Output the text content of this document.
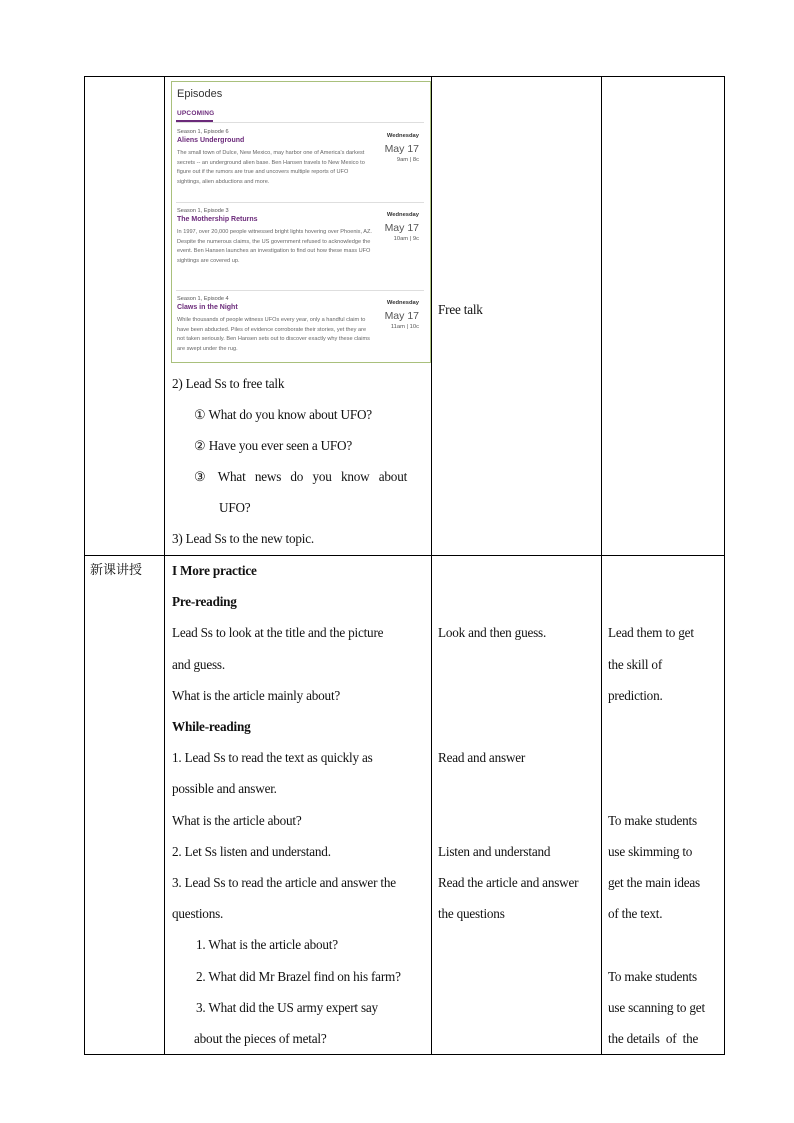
Episodes
UPCOMING
Season 1, Episode 6
Aliens Underground
The small town of Dulce, New Mexico, may harbor one of America's darkest secrets -- an underground alien base. Ben Hansen travels to New Mexico to figure out if the rumors are true and uncovers multiple reports of UFO sightings, alien abductions and more.
Wednesday
May 17
9am | 8c
Season 1, Episode 3
The Mothership Returns
In 1997, over 20,000 people witnessed bright lights hovering over Phoenix, AZ. Despite the numerous claims, the US government refused to acknowledge the event. Ben Hansen launches an investigation to find out how these mass UFO sightings are covered up.
Wednesday
May 17
10am | 9c
Season 1, Episode 4
Claws in the Night
While thousands of people witness UFOs every year, only a handful claim to have been abducted. Piles of evidence corroborate their stories, yet they are not taken seriously. Ben Hansen sets out to discover exactly why these claims are swept under the rug.
Wednesday
May 17
11am | 10c
2) Lead Ss to free talk
① What do you know about UFO?
② Have you ever seen a UFO?
③    What   news   do   you   know   about
UFO?
3) Lead Ss to the new topic.
Free talk
新课讲授 I More practice
Pre-reading
Lead Ss to look at the title and the picture
and guess.
What is the article mainly about?
While-reading
1. Lead Ss to read the text as quickly as
possible and answer.
What is the article about?
2. Let Ss listen and understand.
3. Lead Ss to read the article and answer the
questions.
1. What is the article about?
2. What did Mr Brazel find on his farm?
3. What did the US army expert say
about the pieces of metal?
Look and then guess.
Read and answer
Listen and understand
Read the article and answer
the questions
Lead them to get
the skill of
prediction.
To make students
use skimming to
get the main ideas
of the text.
To make students
use scanning to get
the details  of  the
